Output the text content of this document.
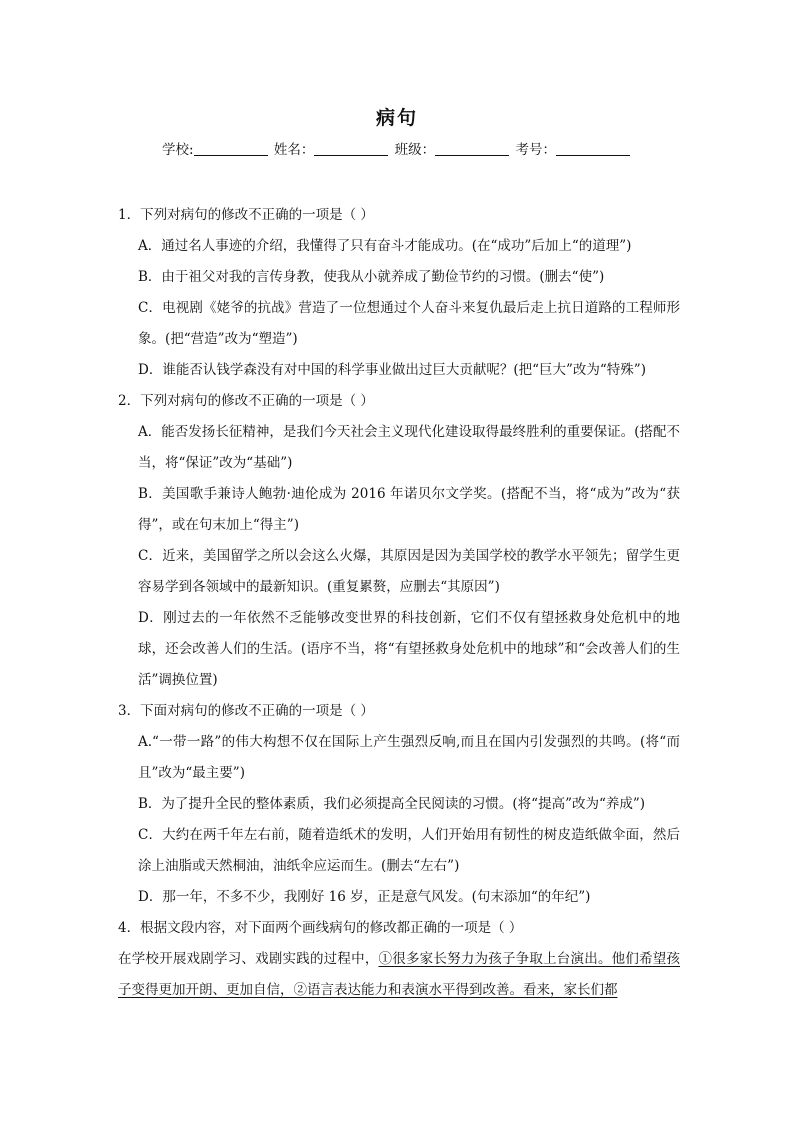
病句
学校:	姓名：	班级：	考号：

1．下列对病句的修改不正确的一项是（ ）

A．通过名人事迹的介绍，我懂得了只有奋斗才能成功。(在“成功”后加上“的道理”)

B．由于祖父对我的言传身教，使我从小就养成了勤俭节约的习惯。(删去“使”)

C．电视剧《姥爷的抗战》营造了一位想通过个人奋斗来复仇最后走上抗日道路的工程师形象。(把“营造”改为“塑造”)

D．谁能否认钱学森没有对中国的科学事业做出过巨大贡献呢？(把“巨大”改为“特殊”)

2．下列对病句的修改不正确的一项是（ ）

A．能否发扬长征精神，是我们今天社会主义现代化建设取得最终胜利的重要保证。(搭配不当，将“保证”改为“基础”)

B．美国歌手兼诗人鲍勃·迪伦成为 2016 年诺贝尔文学奖。(搭配不当，将“成为”改为“获得”，或在句末加上“得主”)

C．近来，美国留学之所以会这么火爆，其原因是因为美国学校的教学水平领先；留学生更容易学到各领域中的最新知识。(重复累赘，应删去“其原因”)

D．刚过去的一年依然不乏能够改变世界的科技创新，它们不仅有望拯救身处危机中的地球，还会改善人们的生活。(语序不当，将“有望拯救身处危机中的地球”和“会改善人们的生活”调换位置)

3．下面对病句的修改不正确的一项是（ ）

A.“一带一路”的伟大构想不仅在国际上产生强烈反响,而且在国内引发强烈的共鸣。(将“而且”改为“最主要”)

B．为了提升全民的整体素质，我们必须提高全民阅读的习惯。(将“提高”改为“养成”)

C．大约在两千年左右前，随着造纸术的发明，人们开始用有韧性的树皮造纸做伞面，然后涂上油脂或天然桐油，油纸伞应运而生。(删去“左右”)

D．那一年，不多不少，我刚好 16 岁，正是意气风发。(句末添加“的年纪”)

4．根据文段内容，对下面两个画线病句的修改都正确的一项是（ ）

在学校开展戏剧学习、戏剧实践的过程中，①很多家长努力为孩子争取上台演出。他们希望孩子变得更加开朗、更加自信，②语言表达能力和表演水平得到改善。看来，家长们都
